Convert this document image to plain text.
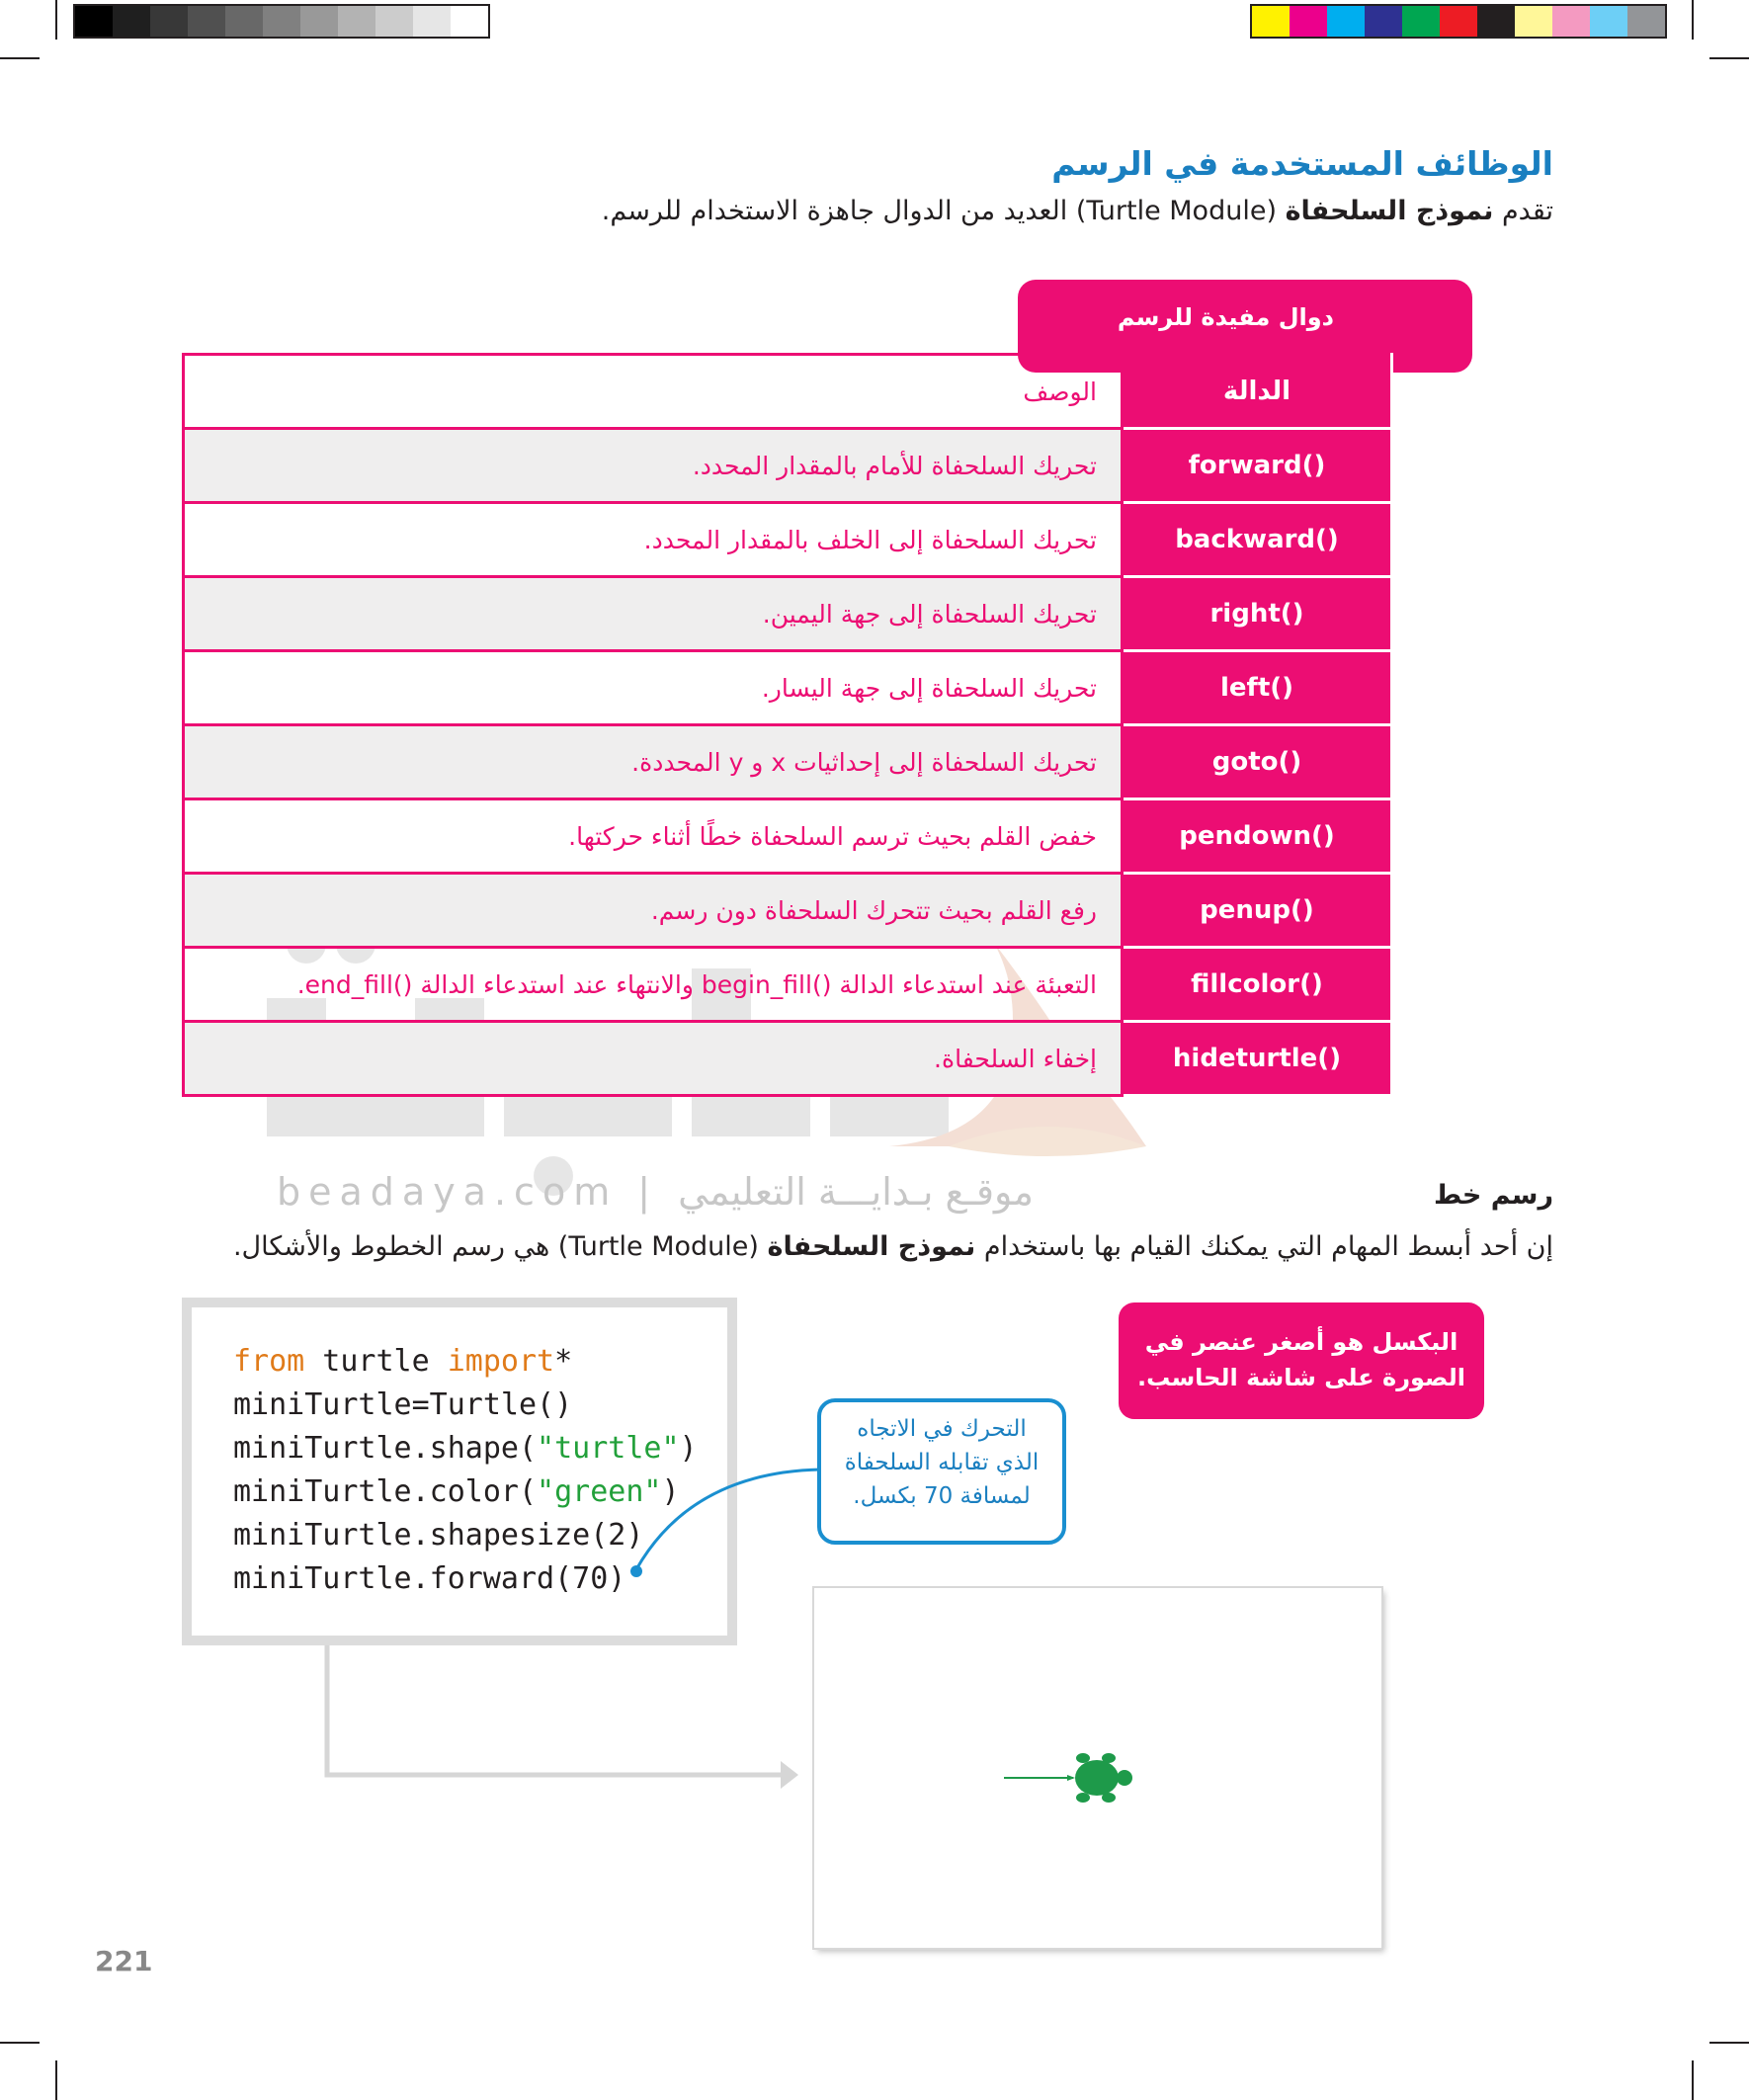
beadaya.com | موقـع بـدايـــة التعليمي
الوظائف المستخدمة في الرسم
تقدم نموذج السلحفاة (Turtle Module) العديد من الدوال جاهزة الاستخدام للرسم.
دوال مفيدة للرسم
الوصف	الدالة
تحريك السلحفاة للأمام بالمقدار المحدد.	forward()
تحريك السلحفاة إلى الخلف بالمقدار المحدد.	backward()
تحريك السلحفاة إلى جهة اليمين.	right()
تحريك السلحفاة إلى جهة اليسار.	left()
تحريك السلحفاة إلى إحداثيات x و y المحددة.	goto()
خفض القلم بحيث ترسم السلحفاة خطًا أثناء حركتها.	pendown()
رفع القلم بحيث تتحرك السلحفاة دون رسم.	penup()
التعبئة عند استدعاء الدالة ()begin_fill والانتهاء عند استدعاء الدالة ()end_fill.	fillcolor()
إخفاء السلحفاة.	hideturtle()
رسم خط
إن أحد أبسط المهام التي يمكنك القيام بها باستخدام نموذج السلحفاة (Turtle Module) هي رسم الخطوط والأشكال.
from turtle import*
miniTurtle=Turtle()
miniTurtle.shape("turtle")
miniTurtle.color("green")
miniTurtle.shapesize(2)
miniTurtle.forward(70)
البكسل هو أصغر عنصر في
الصورة على شاشة الحاسب.
التحرك في الاتجاه
الذي تقابله السلحفاة
لمسافة 70 بكسل.
221
